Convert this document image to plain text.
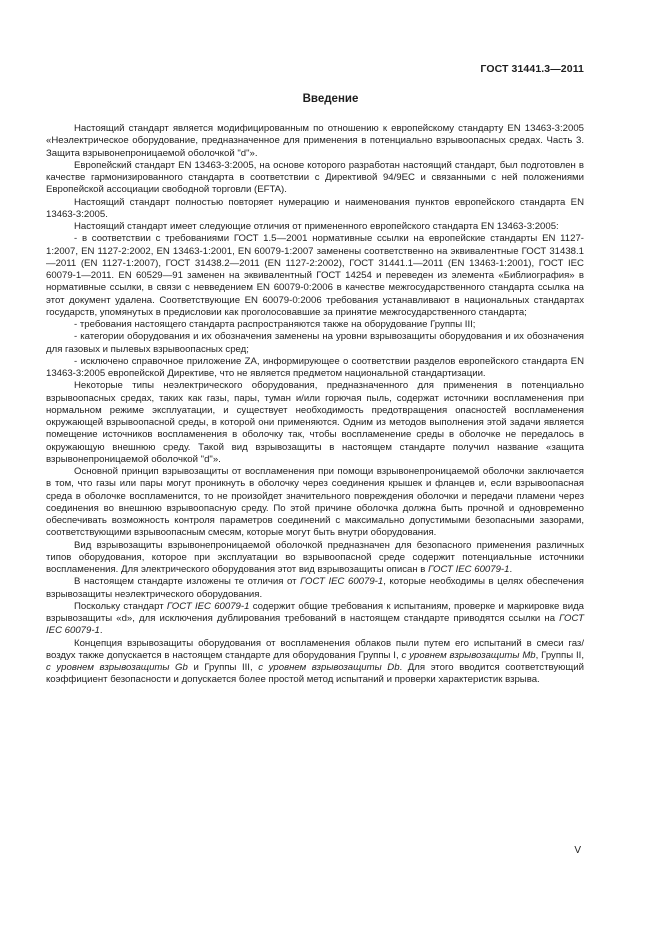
ГОСТ 31441.3—2011
Введение

Настоящий стандарт является модифицированным по отношению к европейскому стандарту EN 13463-3:2005 «Неэлектрическое оборудование, предназначенное для применения в потенциально взрывоопасных средах. Часть 3. Защита взрывонепроницаемой оболочкой "d"».

Европейский стандарт EN 13463-3:2005, на основе которого разработан настоящий стандарт, был подготовлен в качестве гармонизированного стандарта в соответствии с Директивой 94/9EC и связанными с ней положениями Европейской ассоциации свободной торговли (EFTA).

Настоящий стандарт полностью повторяет нумерацию и наименования пунктов европейского стандарта EN 13463-3:2005.

Настоящий стандарт имеет следующие отличия от примененного европейского стандарта EN 13463-3:2005:

- в соответствии с требованиями ГОСТ 1.5—2001 нормативные ссылки на европейские стандарты EN 1127-1:2007, EN 1127-2:2002, EN 13463-1:2001, EN 60079-1:2007 заменены соответственно на эквивалентные ГОСТ 31438.1—2011 (EN 1127-1:2007), ГОСТ 31438.2—2011 (EN 1127-2:2002), ГОСТ 31441.1—2011 (EN 13463-1:2001), ГОСТ IEC 60079-1—2011. EN 60529—91 заменен на эквивалентный ГОСТ 14254 и переведен из элемента «Библиография» в нормативные ссылки, в связи с невведением EN 60079-0:2006 в качестве межгосударственного стандарта ссылка на этот документ удалена. Соответствующие EN 60079-0:2006 требования устанавливают в национальных стандартах государств, упомянутых в предисловии как проголосовавшие за принятие межгосударственного стандарта;

- требования настоящего стандарта распространяются также на оборудование Группы III;

- категории оборудования и их обозначения заменены на уровни взрывозащиты оборудования и их обозначения для газовых и пылевых взрывоопасных сред;

- исключено справочное приложение ZA, информирующее о соответствии разделов европейского стандарта EN 13463-3:2005 европейской Директиве, что не является предметом национальной стандартизации.

Некоторые типы неэлектрического оборудования, предназначенного для применения в потенциально взрывоопасных средах, таких как газы, пары, туман и/или горючая пыль, содержат источники воспламенения при нормальном режиме эксплуатации, и существует необходимость предотвращения опасностей воспламенения окружающей взрывоопасной среды, в которой они применяются. Одним из методов выполнения этой задачи является помещение источников воспламенения в оболочку так, чтобы воспламенение среды в оболочке не передалось в окружающую внешнюю среду. Такой вид взрывозащиты в настоящем стандарте получил название «защита взрывонепроницаемой оболочкой "d"».

Основной принцип взрывозащиты от воспламенения при помощи взрывонепроницаемой оболочки заключается в том, что газы или пары могут проникнуть в оболочку через соединения крышек и фланцев и, если взрывоопасная среда в оболочке воспламенится, то не произойдет значительного повреждения оболочки и передачи пламени через соединения во внешнюю взрывоопасную среду. По этой причине оболочка должна быть прочной и одновременно обеспечивать возможность контроля параметров соединений с максимально допустимыми безопасными зазорами, соответствующими взрывоопасным смесям, которые могут быть внутри оборудования.

Вид взрывозащиты взрывонепроницаемой оболочкой предназначен для безопасного применения различных типов оборудования, которое при эксплуатации во взрывоопасной среде содержит потенциальные источники воспламенения. Для электрического оборудования этот вид взрывозащиты описан в ГОСТ IEC 60079-1.

В настоящем стандарте изложены те отличия от ГОСТ IEC 60079-1, которые необходимы в целях обеспечения взрывозащиты неэлектрического оборудования.

Поскольку стандарт ГОСТ IEC 60079-1 содержит общие требования к испытаниям, проверке и маркировке вида взрывозащиты «d», для исключения дублирования требований в настоящем стандарте приводятся ссылки на ГОСТ IEC 60079-1.

Концепция взрывозащиты оборудования от воспламенения облаков пыли путем его испытаний в смеси газ/воздух также допускается в настоящем стандарте для оборудования Группы I, с уровнем взрывозащиты Mb, Группы II, с уровнем взрывозащиты Gb и Группы III, с уровнем взрывозащиты Db. Для этого вводится соответствующий коэффициент безопасности и допускается более простой метод испытаний и проверки характеристик взрыва.

V
